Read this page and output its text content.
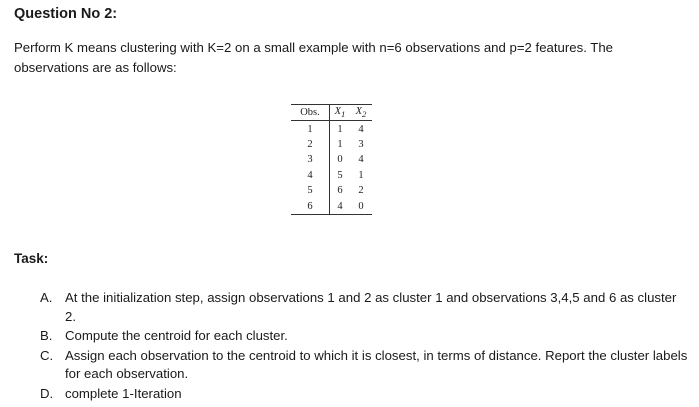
Question No 2:
Perform K means clustering with K=2 on a small example with n=6 observations and p=2 features. The observations are as follows:
Obs.	$X_1$	$X_2$
1	1	4
2	1	3
3	0	4
4	5	1
5	6	2
6	4	0
Task:
A. At the initialization step, assign observations 1 and 2 as cluster 1 and observations 3,4,5 and 6 as cluster 2.
B. Compute the centroid for each cluster.
C. Assign each observation to the centroid to which it is closest, in terms of distance. Report the cluster labels for each observation.
D. complete 1-Iteration
